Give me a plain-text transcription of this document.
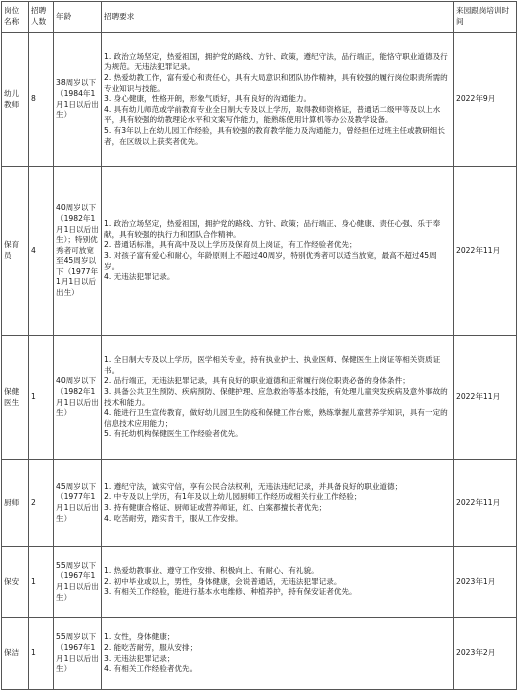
岗位名称	招聘人数	年龄	招聘要求	来园跟岗培训时间
幼儿教师	8	38周岁以下（1984年1月1日以后出生）	1. 政治立场坚定，热爱祖国，拥护党的路线、方针、政策，遵纪守法，品行端正，能恪守职业道德及行为规范。无违法犯罪记录。
2. 热爱幼教工作，富有爱心和责任心，具有大局意识和团队协作精神，具有较强的履行岗位职责所需的专业知识与技能。
3. 身心健康，性格开朗，形象气质好，具有良好的沟通能力。
4. 具有幼儿师范或学前教育专业全日制大专及以上学历，取得教师资格证，普通话二级甲等及以上水平，具有较强的幼教理论水平和文案写作能力，能熟练使用计算机等办公及教学设备。
5. 有3年以上在幼儿园工作经验，具有较强的教育教学能力及沟通能力，曾经担任过班主任或教研组长者，在区级以上获奖者优先。	2022年9月
保育员	4	40周岁以下（1982年1月1日以后出生）；特别优秀者可放宽至45周岁以下（1977年1月1日以后出生）	1. 政治立场坚定，热爱祖国，拥护党的路线、方针、政策；品行端正、身心健康、责任心强、乐于奉献，具有较强的执行力和团队合作精神。
2. 普通话标准，具有高中及以上学历及保育员上岗证，有工作经验者优先；
3. 对孩子富有爱心和耐心，年龄原则上不超过40周岁，特别优秀者可以适当放宽，最高不超过45周岁。
4. 无违法犯罪记录。	2022年11月
保健医生	1	40周岁以下（1982年1月1日以后出生）	1. 全日制大专及以上学历，医学相关专业，持有执业护士、执业医师、保健医生上岗证等相关资质证书。
2. 品行端正，无违法犯罪记录，具有良好的职业道德和正常履行岗位职责必备的身体条件；
3. 具备公共卫生预防、疾病预防、保健护理、应急救治等基本技能，有处理儿童突发疾病及意外事故的技术和能力。
4. 能进行卫生宣传教育，做好幼儿园卫生防疫和保健工作台账，熟练掌握儿童营养学知识，具有一定的信息技术应用能力；
5. 有托幼机构保健医生工作经验者优先。	2022年11月
厨师	2	45周岁以下（1977年1月1日以后出生）	1. 遵纪守法，诚实守信，享有公民合法权利，无违法违纪记录，并具备良好的职业道德；
2. 中专及以上学历，有1年及以上幼儿园厨师工作经历或相关行业工作经验；
3. 持有健康合格证、厨师证或营养师证，红、白案都擅长者优先；
4. 吃苦耐劳，踏实肯干，服从工作安排。	2022年11月
保安	1	55周岁以下（1967年1月1日以后出生）	1. 热爱幼教事业、遵守工作安排、积极向上、有耐心、有礼貌。
2. 初中毕业或以上，男性，身体健康，会说普通话，无违法犯罪记录。
3. 有相关工作经验，能进行基本水电维修、种植养护，持有保安证者优先。	2023年1月
保洁	1	55周岁以下（1967年1月1日以后出生）	1. 女性，身体健康；
2. 能吃苦耐劳，服从安排；
3. 无违法犯罪记录；
4. 有相关工作经验者优先。	2023年2月
